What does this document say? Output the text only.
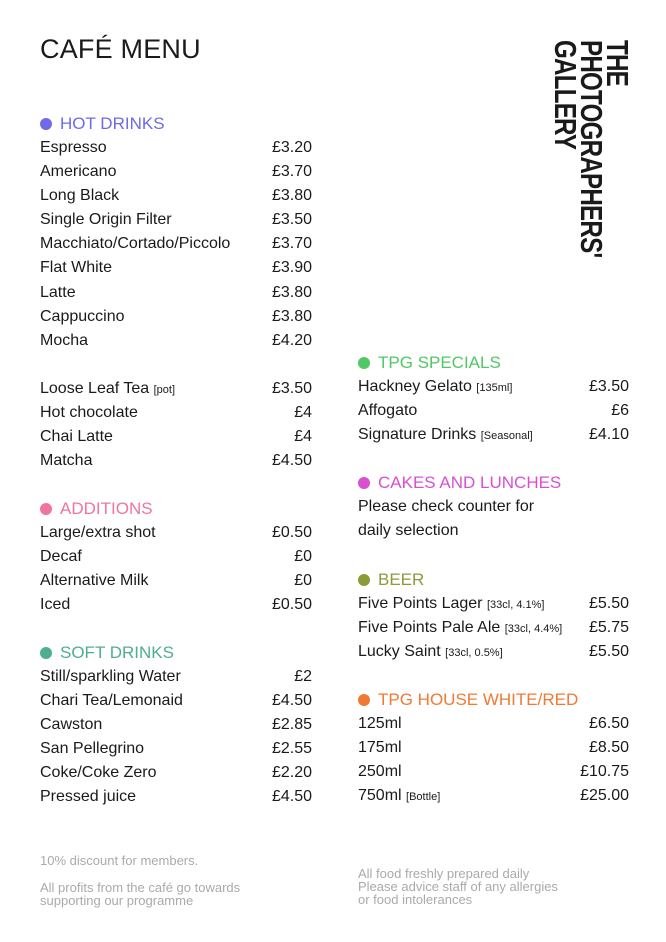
CAFÉ MENU	THE
PHOTOGRAPHERS'
GALLERY
HOT DRINKS
Espresso	£3.20
Americano	£3.70
Long Black	£3.80
Single Origin Filter	£3.50
Macchiato/Cortado/Piccolo	£3.70
Flat White	£3.90
Latte	£3.80
Cappuccino	£3.80
Mocha	£4.20
Loose Leaf Tea [pot]	£3.50
Hot chocolate	£4
Chai Latte	£4
Matcha	£4.50
ADDITIONS
Large/extra shot	£0.50
Decaf	£0
Alternative Milk	£0
Iced	£0.50
SOFT DRINKS
Still/sparkling Water	£2
Chari Tea/Lemonaid	£4.50
Cawston	£2.85
San Pellegrino	£2.55
Coke/Coke Zero	£2.20
Pressed juice	£4.50
TPG SPECIALS
Hackney Gelato [135ml]	£3.50
Affogato	£6
Signature Drinks [Seasonal]	£4.10
CAKES AND LUNCHES
Please check counter for
daily selection
BEER
Five Points Lager [33cl, 4.1%]	£5.50
Five Points Pale Ale [33cl, 4.4%] £5.75
Lucky Saint [33cl, 0.5%]	£5.50
TPG HOUSE WHITE/RED
125ml	£6.50
175ml	£8.50
250ml	£10.75
750ml [Bottle]	£25.00
10% discount for members.
All profits from the café go towards
supporting our programme
All food freshly prepared daily
Please advice staff of any allergies
or food intolerances
